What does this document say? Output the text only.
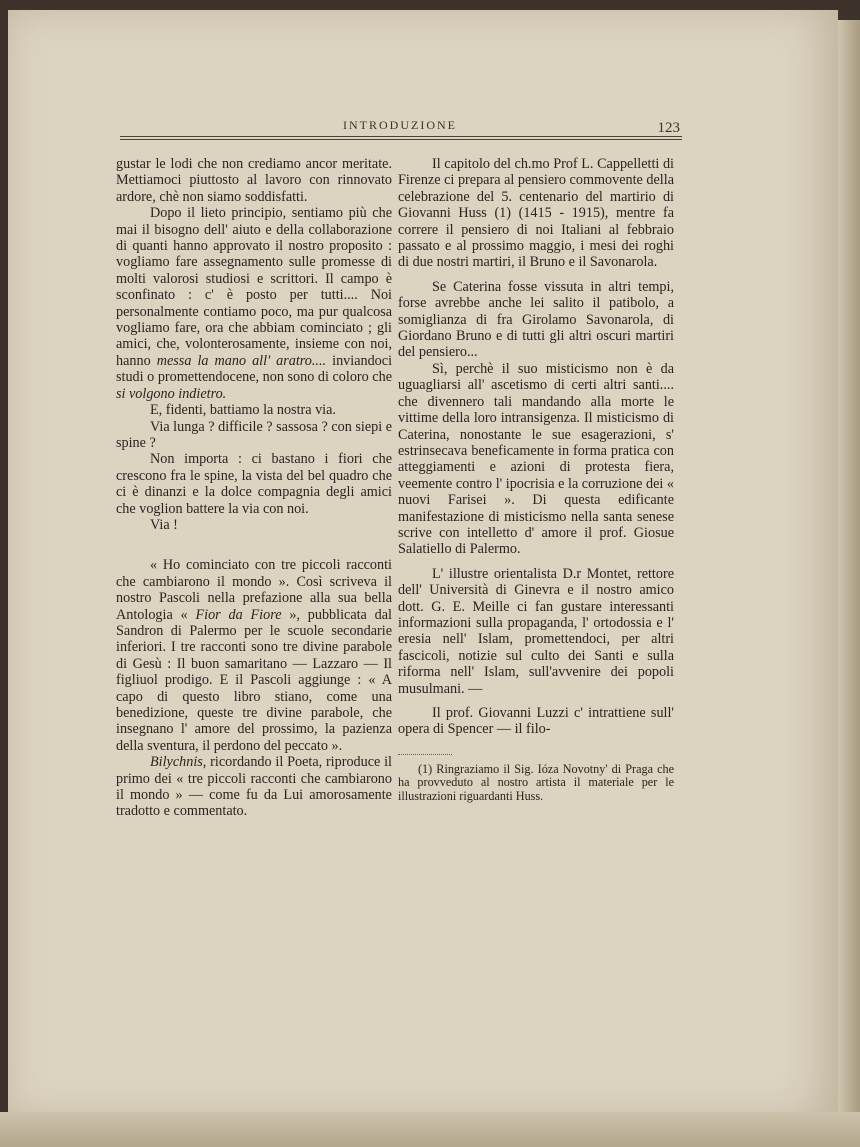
INTRODUZIONE	123

gustar le lodi che non crediamo ancor meritate. Mettiamoci piuttosto al lavoro con rinnovato ardore, chè non siamo soddisfatti.

Dopo il lieto principio, sentiamo più che mai il bisogno dell' aiuto e della collaborazione di quanti hanno approvato il nostro proposito : vogliamo fare assegnamento sulle promesse di molti valorosi studiosi e scrittori. Il campo è sconfinato : c' è posto per tutti.... Noi personalmente contiamo poco, ma pur qualcosa vogliamo fare, ora che abbiam cominciato ; gli amici, che, volonterosamente, insieme con noi, hanno messa la mano all' aratro.... inviandoci studi o promettendocene, non sono di coloro che si volgono indietro.

E, fidenti, battiamo la nostra via.

Via lunga ? difficile ? sassosa ? con siepi e spine ?

Non importa : ci bastano i fiori che crescono fra le spine, la vista del bel quadro che ci è dinanzi e la dolce compagnia degli amici che voglion battere la via con noi.

Via !

« Ho cominciato con tre piccoli racconti che cambiarono il mondo ». Così scriveva il nostro Pascoli nella prefazione alla sua bella Antologia « Fior da Fiore », pubblicata dal Sandron di Palermo per le scuole secondarie inferiori. I tre racconti sono tre divine parabole di Gesù : Il buon samaritano — Lazzaro — Il figliuol prodigo. E il Pascoli aggiunge : « A capo di questo libro stiano, come una benedizione, queste tre divine parabole, che insegnano l' amore del prossimo, la pazienza della sventura, il perdono del peccato ».

Bilychnis, ricordando il Poeta, riproduce il primo dei « tre piccoli racconti che cambiarono il mondo » — come fu da Lui amorosamente tradotto e commentato.

Il capitolo del ch.mo Prof L. Cappelletti di Firenze ci prepara al pensiero commovente della celebrazione del 5. centenario del martirio di Giovanni Huss (1) (1415 - 1915), mentre fa correre il pensiero di noi Italiani al febbraio passato e al prossimo maggio, i mesi dei roghi di due nostri martiri, il Bruno e il Savonarola.

Se Caterina fosse vissuta in altri tempi, forse avrebbe anche lei salito il patibolo, a somiglianza di fra Girolamo Savonarola, di Giordano Bruno e di tutti gli altri oscuri martiri del pensiero...

Sì, perchè il suo misticismo non è da uguagliarsi all' ascetismo di certi altri santi.... che divennero tali mandando alla morte le vittime della loro intransigenza. Il misticismo di Caterina, nonostante le sue esagerazioni, s' estrinsecava beneficamente in forma pratica con atteggiamenti e azioni di protesta fiera, veemente contro l' ipocrisia e la corruzione dei « nuovi Farisei ». Di questa edificante manifestazione di misticismo nella santa senese scrive con intelletto d' amore il prof. Giosue Salatiello di Palermo.

L' illustre orientalista D.r Montet, rettore dell' Università di Ginevra e il nostro amico dott. G. E. Meille ci fan gustare interessanti informazioni sulla propaganda, l' ortodossia e l' eresia nell' Islam, promettendoci, per altri fascicoli, notizie sul culto dei Santi e sulla riforma nell' Islam, sull'avvenire dei popoli musulmani. —

Il prof. Giovanni Luzzi c' intrattiene sull' opera di Spencer — il filo-

(1) Ringraziamo il Sig. Ióza Novotny' di Praga che ha provveduto al nostro artista il materiale per le illustrazioni riguardanti Huss.
